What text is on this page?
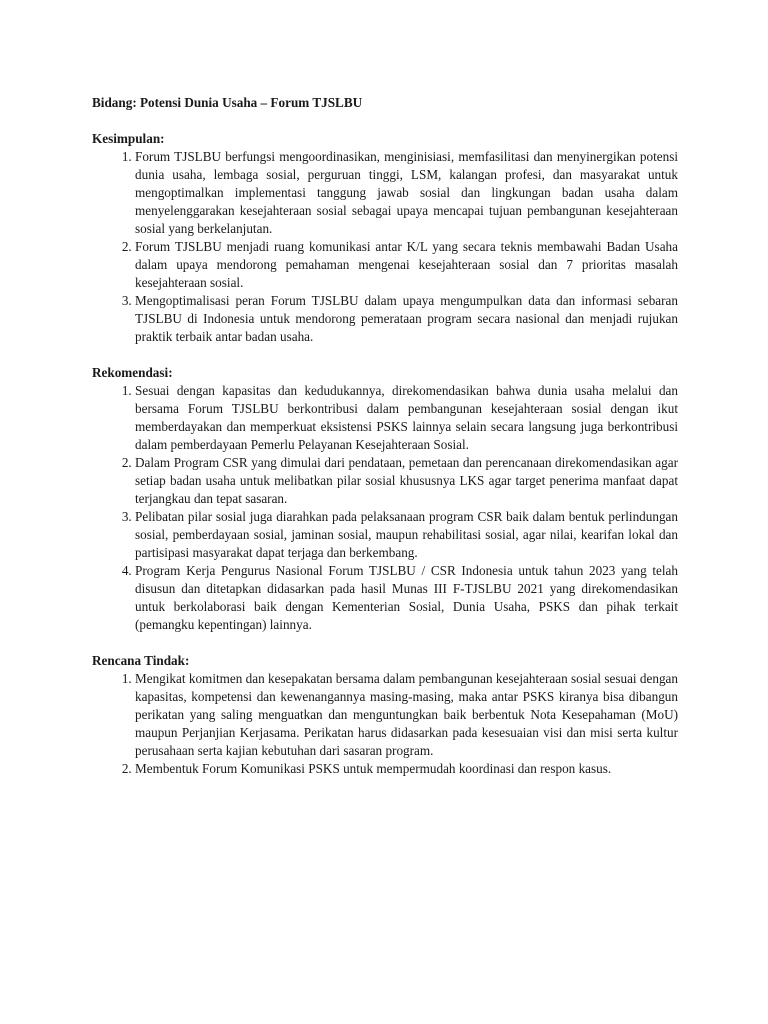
Bidang: Potensi Dunia Usaha – Forum TJSLBU

Kesimpulan:

1. Forum TJSLBU berfungsi mengoordinasikan, menginisiasi, memfasilitasi dan menyinergikan potensi dunia usaha, lembaga sosial, perguruan tinggi, LSM, kalangan profesi, dan masyarakat untuk mengoptimalkan implementasi tanggung jawab sosial dan lingkungan badan usaha dalam menyelenggarakan kesejahteraan sosial sebagai upaya mencapai tujuan pembangunan kesejahteraan sosial yang berkelanjutan.
2. Forum TJSLBU menjadi ruang komunikasi antar K/L yang secara teknis membawahi Badan Usaha dalam upaya mendorong pemahaman mengenai kesejahteraan sosial dan 7 prioritas masalah kesejahteraan sosial.
3. Mengoptimalisasi peran Forum TJSLBU dalam upaya mengumpulkan data dan informasi sebaran TJSLBU di Indonesia untuk mendorong pemerataan program secara nasional dan menjadi rujukan praktik terbaik antar badan usaha.

Rekomendasi:

1. Sesuai dengan kapasitas dan kedudukannya, direkomendasikan bahwa dunia usaha melalui dan bersama Forum TJSLBU berkontribusi dalam pembangunan kesejahteraan sosial dengan ikut memberdayakan dan memperkuat eksistensi PSKS lainnya selain secara langsung juga berkontribusi dalam pemberdayaan Pemerlu Pelayanan Kesejahteraan Sosial.
2. Dalam Program CSR yang dimulai dari pendataan, pemetaan dan perencanaan direkomendasikan agar setiap badan usaha untuk melibatkan pilar sosial khususnya LKS agar target penerima manfaat dapat terjangkau dan tepat sasaran.
3. Pelibatan pilar sosial juga diarahkan pada pelaksanaan program CSR baik dalam bentuk perlindungan sosial, pemberdayaan sosial, jaminan sosial, maupun rehabilitasi sosial, agar nilai, kearifan lokal dan partisipasi masyarakat dapat terjaga dan berkembang.
4. Program Kerja Pengurus Nasional Forum TJSLBU / CSR Indonesia untuk tahun 2023 yang telah disusun dan ditetapkan didasarkan pada hasil Munas III F-TJSLBU 2021 yang direkomendasikan untuk berkolaborasi baik dengan Kementerian Sosial, Dunia Usaha, PSKS dan pihak terkait (pemangku kepentingan) lainnya.

Rencana Tindak:

1. Mengikat komitmen dan kesepakatan bersama dalam pembangunan kesejahteraan sosial sesuai dengan kapasitas, kompetensi dan kewenangannya masing-masing, maka antar PSKS kiranya bisa dibangun perikatan yang saling menguatkan dan menguntungkan baik berbentuk Nota Kesepahaman (MoU) maupun Perjanjian Kerjasama. Perikatan harus didasarkan pada kesesuaian visi dan misi serta kultur perusahaan serta kajian kebutuhan dari sasaran program.
2. Membentuk Forum Komunikasi PSKS untuk mempermudah koordinasi dan respon kasus.
